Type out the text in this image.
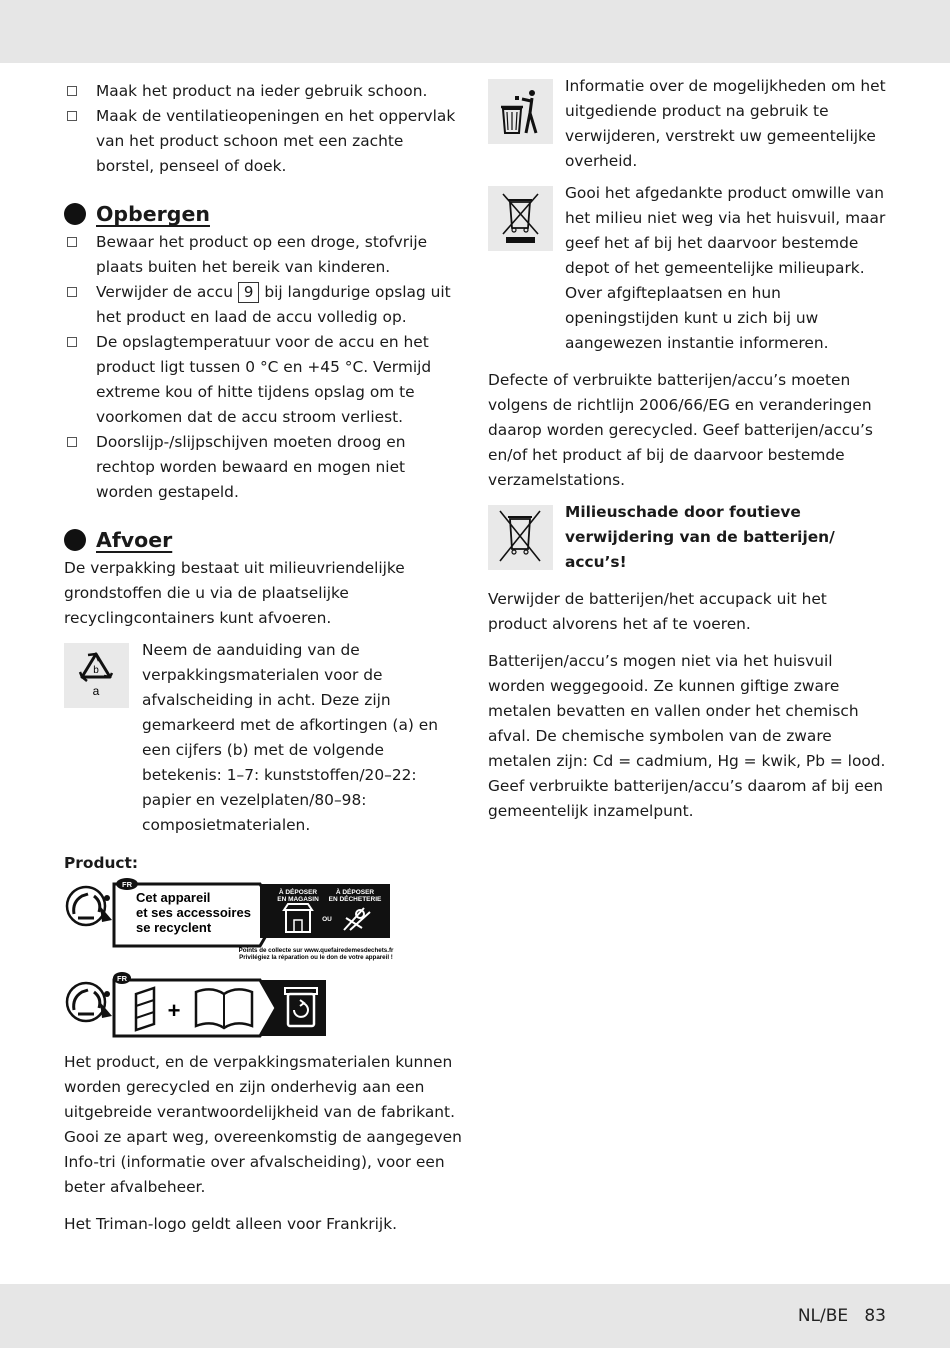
Maak het product na ieder gebruik schoon.
Maak de ventilatieopeningen en het oppervlak van het product schoon met een zachte borstel, penseel of doek.
Opbergen
Bewaar het product op een droge, stofvrije plaats buiten het bereik van kinderen.
Verwijder de accu 9 bij langdurige opslag uit het product en laad de accu volledig op.
De opslagtemperatuur voor de accu en het product ligt tussen 0 °C en +45 °C. Vermijd extreme kou of hitte tijdens opslag om te voorkomen dat de accu stroom verliest.
Doorslijp-/slijpschijven moeten droog en rechtop worden bewaard en mogen niet worden gestapeld.
Afvoer

De verpakking bestaat uit milieuvriendelijke grondstoffen die u via de plaatselijke recyclingcontainers kunt afvoeren.

b
a

Neem de aanduiding van de verpakkingsmaterialen voor de afvalscheiding in acht. Deze zijn gemarkeerd met de afkortingen (a) en een cijfers (b) met de volgende betekenis: 1–7: kunststoffen/20–22: papier en vezelplaten/80–98: composietmaterialen.

Product:
FR
Cet appareil
et ses accessoires
se recyclent
À DÉPOSER
EN MAGASIN
À DÉPOSER
EN DÉCHETERIE
OU
Points de collecte sur www.quefairedemesdechets.fr
Privilégiez la réparation ou le don de votre appareil !
FR
+

Het product, en de verpakkingsmaterialen kunnen worden gerecycled en zijn onderhevig aan een uitgebreide verantwoordelijkheid van de fabrikant. Gooi ze apart weg, overeenkomstig de aangegeven Info-tri (informatie over afvalscheiding), voor een beter afvalbeheer.

Het Triman-logo geldt alleen voor Frankrijk.

Informatie over de mogelijkheden om het uitgediende product na gebruik te verwijderen, verstrekt uw gemeentelijke overheid.

Gooi het afgedankte product omwille van het milieu niet weg via het huisvuil, maar geef het af bij het daarvoor bestemde depot of het gemeentelijke milieupark. Over afgifteplaatsen en hun openingstijden kunt u zich bij uw aangewezen instantie informeren.

Defecte of verbruikte batterijen/accu’s moeten volgens de richtlijn 2006/66/EG en veranderingen daarop worden gerecycled. Geef batterijen/accu’s en/of het product af bij de daarvoor bestemde verzamelstations.

Milieuschade door foutieve verwijdering van de batterijen/ accu’s!

Verwijder de batterijen/het accupack uit het product alvorens het af te voeren.

Batterijen/accu’s mogen niet via het huisvuil worden weggegooid. Ze kunnen giftige zware metalen bevatten en vallen onder het chemisch afval. De chemische symbolen van de zware metalen zijn: Cd = cadmium, Hg = kwik, Pb = lood. Geef verbruikte batterijen/accu’s daarom af bij een gemeentelijk inzamelpunt.

NL/BE 83
